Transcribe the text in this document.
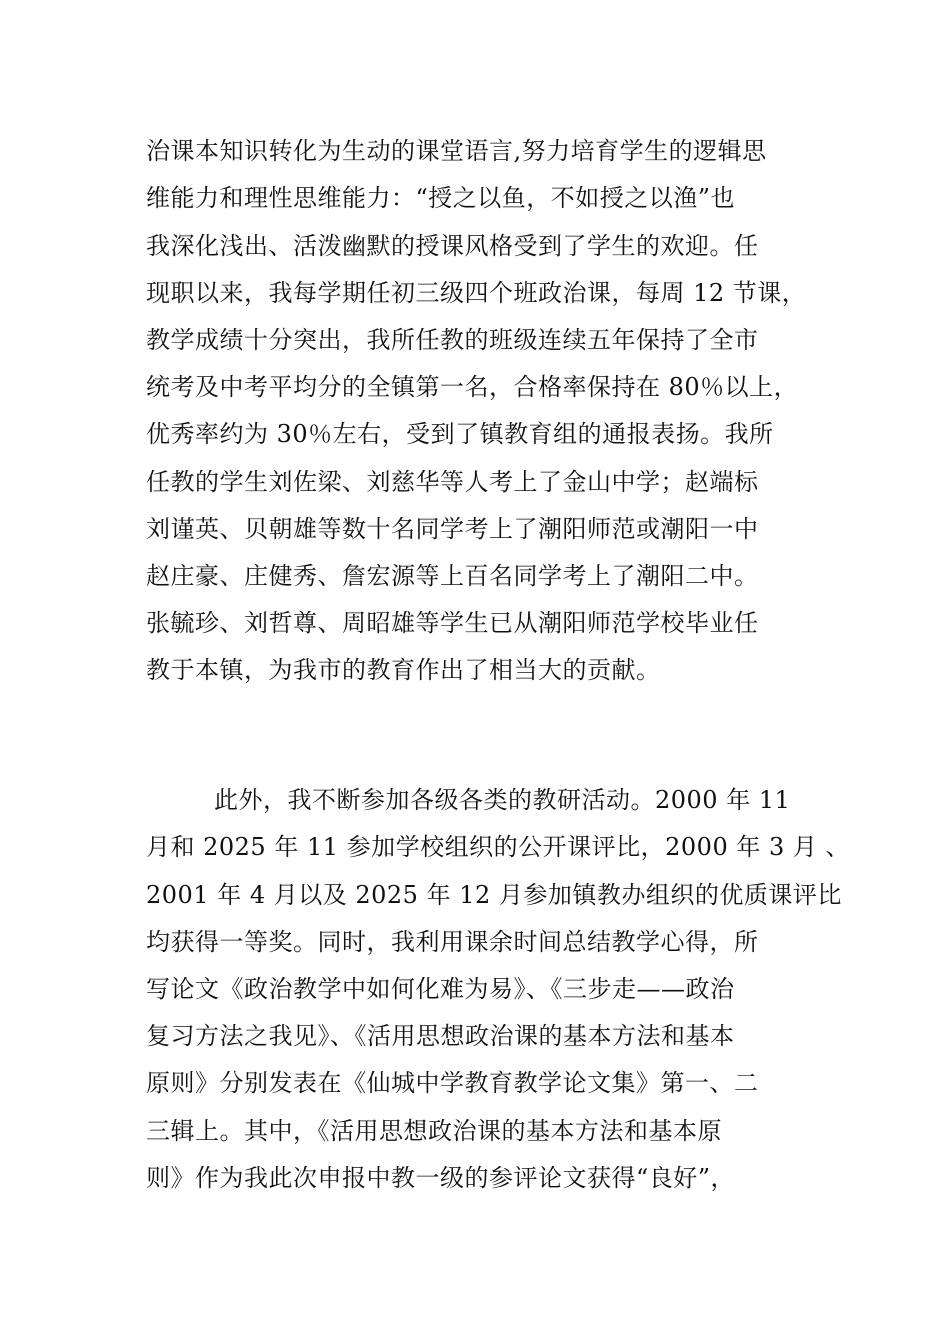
治课本知识转化为生动的课堂语言,努力培育学生的逻辑思
维能力和理性思维能力：“授之以鱼，不如授之以渔”也
我深化浅出、活泼幽默的授课风格受到了学生的欢迎。任
现职以来，我每学期任初三级四个班政治课，每周 12 节课，
教学成绩十分突出，我所任教的班级连续五年保持了全市
统考及中考平均分的全镇第一名，合格率保持在 80％以上，
优秀率约为 30％左右，受到了镇教育组的通报表扬。我所
任教的学生刘佐梁、刘慈华等人考上了金山中学；赵端标
刘谨英、贝朝雄等数十名同学考上了潮阳师范或潮阳一中
赵庄豪、庄健秀、詹宏源等上百名同学考上了潮阳二中。
张毓珍、刘哲尊、周昭雄等学生已从潮阳师范学校毕业任
教于本镇，为我市的教育作出了相当大的贡献。
此外，我不断参加各级各类的教研活动。2000 年 11
月和 2025 年 11 参加学校组织的公开课评比，2000 年 3 月 、
2001 年 4 月以及 2025 年 12 月参加镇教办组织的优质课评比
均获得一等奖。同时，我利用课余时间总结教学心得，所
写论文《政治教学中如何化难为易》、《三步走——政治
复习方法之我见》、《活用思想政治课的基本方法和基本
原则》分别发表在《仙城中学教育教学论文集》第一、二
三辑上。其中，《活用思想政治课的基本方法和基本原
则》作为我此次申报中教一级的参评论文获得“良好”，
